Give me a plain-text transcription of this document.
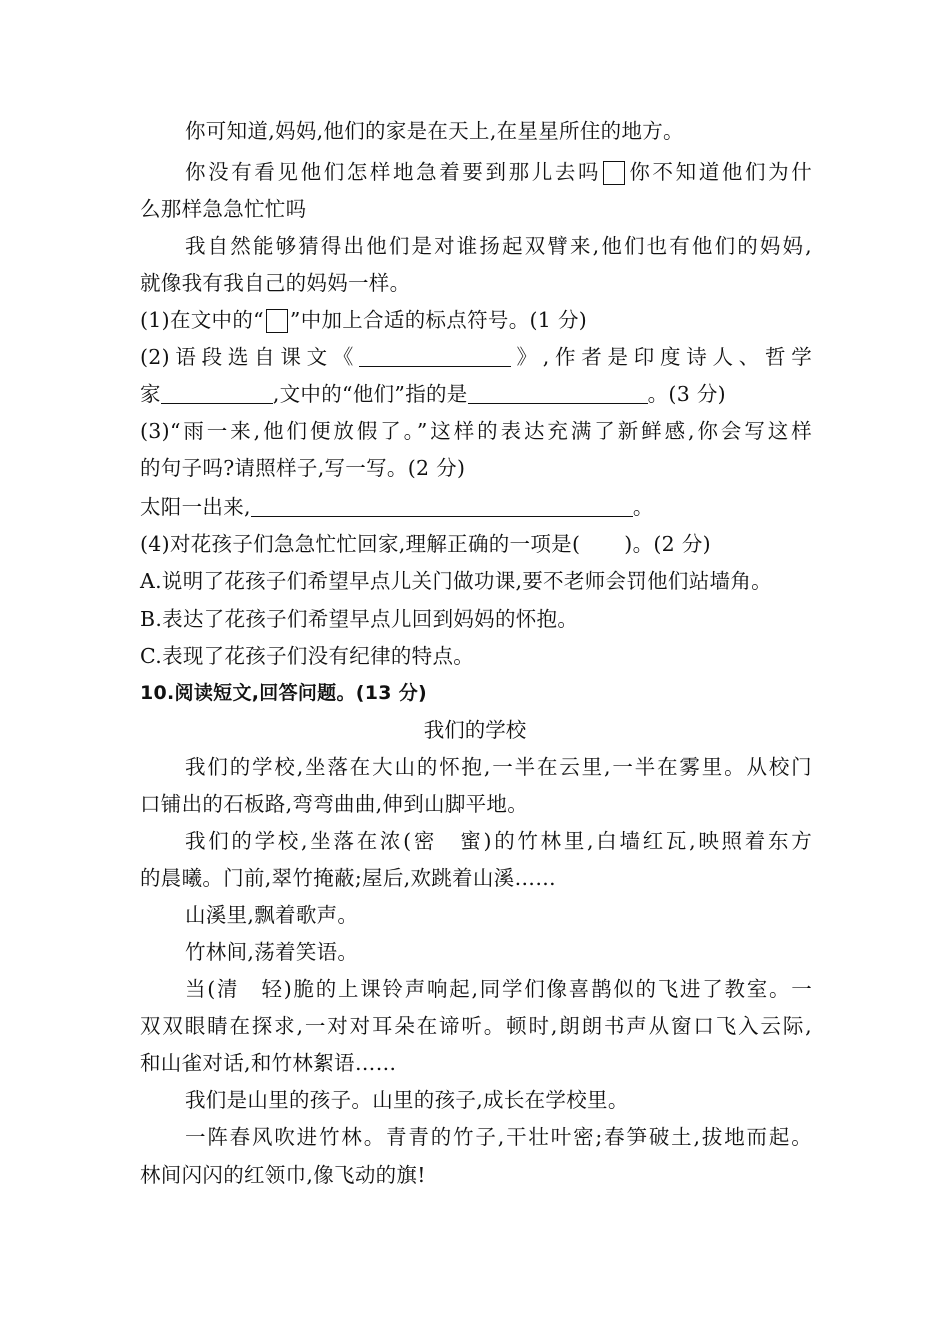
你可知道,妈妈,他们的家是在天上,在星星所住的地方。
你没有看见他们怎样地急着要到那儿去吗 你不知道他们为什
么那样急急忙忙吗
我自然能够猜得出他们是对谁扬起双臂来,他们也有他们的妈妈,
就像我有我自己的妈妈一样。
(1)在文中的“ ”中加上合适的标点符号。(1 分)
(2)语段选自课文《	》,作者是印度诗人、哲学
家	,文中的“他们”指的是	。(3 分)
(3)“雨一来,他们便放假了。”这样的表达充满了新鲜感,你会写这样
的句子吗?请照样子,写一写。(2 分)
太阳一出来,	。
(4)对花孩子们急急忙忙回家,理解正确的一项是( )。(2 分)
A.说明了花孩子们希望早点儿关门做功课,要不老师会罚他们站墙角。
B.表达了花孩子们希望早点儿回到妈妈的怀抱。
C.表现了花孩子们没有纪律的特点。
10.阅读短文,回答问题。(13 分)
我们的学校
我们的学校,坐落在大山的怀抱,一半在云里,一半在雾里。从校门
口铺出的石板路,弯弯曲曲,伸到山脚平地。
我们的学校,坐落在浓(密　蜜)的竹林里,白墙红瓦,映照着东方
的晨曦。门前,翠竹掩蔽;屋后,欢跳着山溪……
山溪里,飘着歌声。
竹林间,荡着笑语。
当(清　轻)脆的上课铃声响起,同学们像喜鹊似的飞进了教室。一
双双眼睛在探求,一对对耳朵在谛听。顿时,朗朗书声从窗口飞入云际,
和山雀对话,和竹林絮语……
我们是山里的孩子。山里的孩子,成长在学校里。
一阵春风吹进竹林。青青的竹子,干壮叶密;春笋破土,拔地而起。
林间闪闪的红领巾,像飞动的旗!
